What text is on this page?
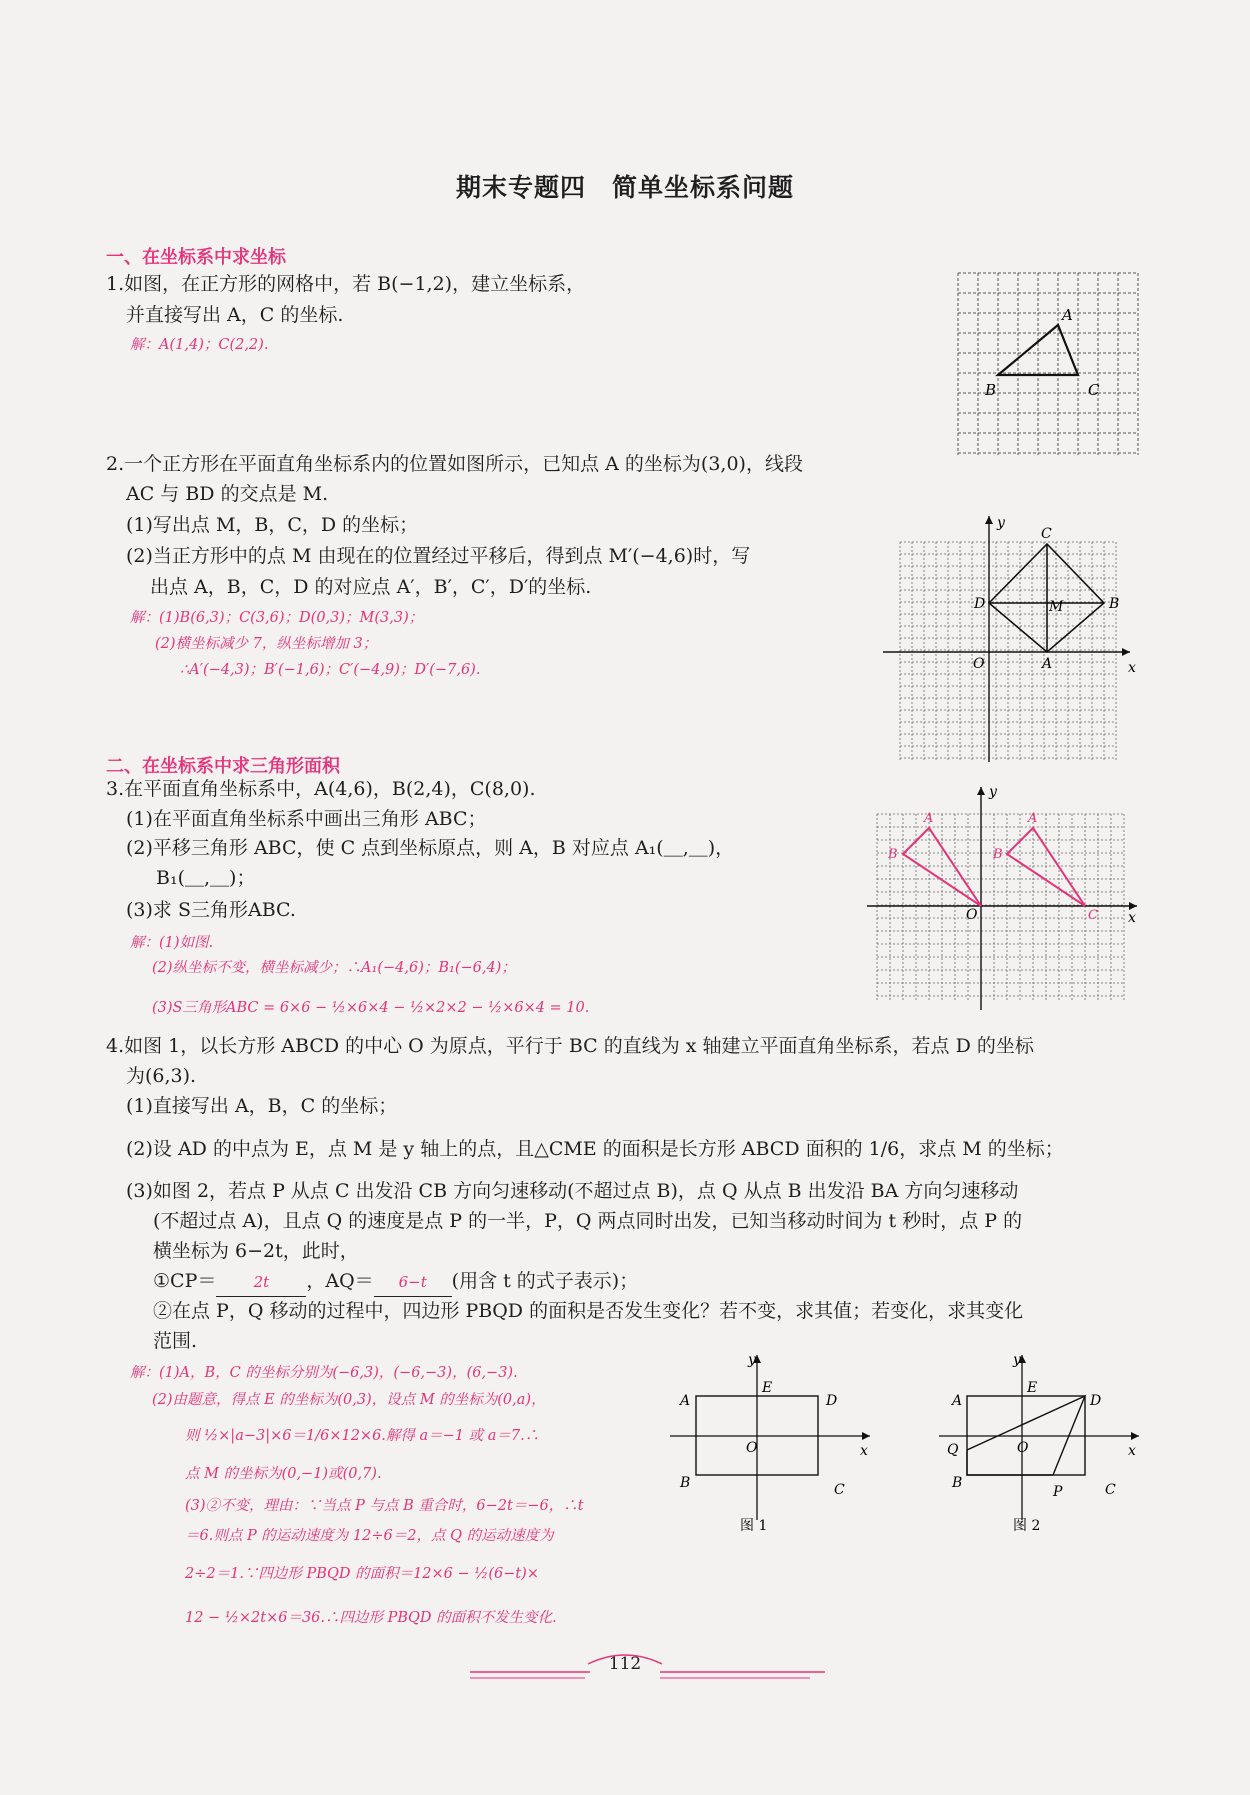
期末专题四　简单坐标系问题
一、在坐标系中求坐标
1.如图，在正方形的网格中，若 B(−1,2)，建立坐标系，
并直接写出 A，C 的坐标.
解：A(1,4)；C(2,2).
A
B	C
2.一个正方形在平面直角坐标系内的位置如图所示，已知点 A 的坐标为(3,0)，线段
AC 与 BD 的交点是 M.
(1)写出点 M，B，C，D 的坐标；
(2)当正方形中的点 M 由现在的位置经过平移后，得到点 M′(−4,6)时，写
出点 A，B，C，D 的对应点 A′，B′，C′，D′的坐标.
解：(1)B(6,3)；C(3,6)；D(0,3)；M(3,3)；
(2)横坐标减少 7，纵坐标增加 3；
∴A′(−4,3)；B′(−1,6)；C′(−4,9)；D′(−7,6).
y
x
C
D	B
M
O	A
二、在坐标系中求三角形面积
3.在平面直角坐标系中，A(4,6)，B(2,4)，C(8,0).
(1)在平面直角坐标系中画出三角形 ABC；
(2)平移三角形 ABC，使 C 点到坐标原点，则 A，B 对应点 A₁(＿,＿)，
B₁(＿,＿)；
(3)求 S三角形ABC.
解：(1)如图.
(2)纵坐标不变，横坐标减少；∴A₁(−4,6)；B₁(−6,4)；
(3)S三角形ABC = 6×6 − ½×6×4 − ½×2×2 − ½×6×4 = 10.
y
x
A
B
A
B
O	C
4.如图 1，以长方形 ABCD 的中心 O 为原点，平行于 BC 的直线为 x 轴建立平面直角坐标系，若点 D 的坐标
为(6,3).
(1)直接写出 A，B，C 的坐标；
(2)设 AD 的中点为 E，点 M 是 y 轴上的点，且△CME 的面积是长方形 ABCD 面积的 1/6，求点 M 的坐标；
(3)如图 2，若点 P 从点 C 出发沿 CB 方向匀速移动(不超过点 B)，点 Q 从点 B 出发沿 BA 方向匀速移动
(不超过点 A)，且点 Q 的速度是点 P 的一半，P，Q 两点同时出发，已知当移动时间为 t 秒时，点 P 的
横坐标为 6−2t，此时，
①CP＝ 2t ，AQ＝ 6−t (用含 t 的式子表示)；
②在点 P，Q 移动的过程中，四边形 PBQD 的面积是否发生变化？若不变，求其值；若变化，求其变化
范围.
解：(1)A，B，C 的坐标分别为(−6,3)，(−6,−3)，(6,−3).
(2)由题意，得点 E 的坐标为(0,3)，设点 M 的坐标为(0,a)，
则 ½×|a−3|×6＝1/6×12×6.解得 a＝−1 或 a＝7.∴
点 M 的坐标为(0,−1)或(0,7).
(3)②不变，理由：∵当点 P 与点 B 重合时，6−2t＝−6，∴t
＝6.则点 P 的运动速度为 12÷6＝2，点 Q 的运动速度为
2÷2＝1.∵四边形 PBQD 的面积＝12×6 − ½(6−t)×
12 − ½×2t×6＝36.∴四边形 PBQD 的面积不发生变化.
y
x
A
E
D
O
B	C
图 1
y
x
A
E
D
Q	O
B
P	C
图 2
112
